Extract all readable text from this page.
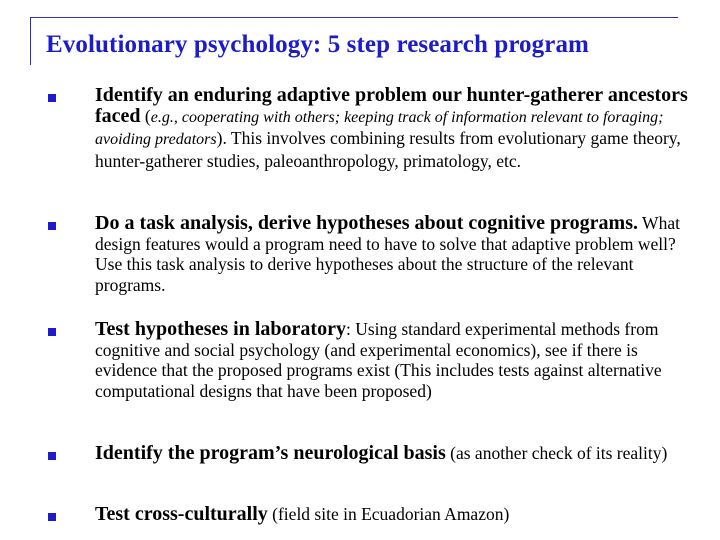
Evolutionary psychology: 5 step research program
Identify an enduring adaptive problem our hunter-gatherer ancestors faced (e.g., cooperating with others; keeping track of information relevant to foraging; avoiding predators). This involves combining results from evolutionary game theory, hunter-gatherer studies, paleoanthropology, primatology, etc.
Do a task analysis, derive hypotheses about cognitive programs. What design features would a program need to have to solve that adaptive problem well? Use this task analysis to derive hypotheses about the structure of the relevant programs.
Test hypotheses in laboratory: Using standard experimental methods from cognitive and social psychology (and experimental economics), see if there is evidence that the proposed programs exist (This includes tests against alternative computational designs that have been proposed)
Identify the program’s neurological basis (as another check of its reality)
Test cross-culturally (field site in Ecuadorian Amazon)
